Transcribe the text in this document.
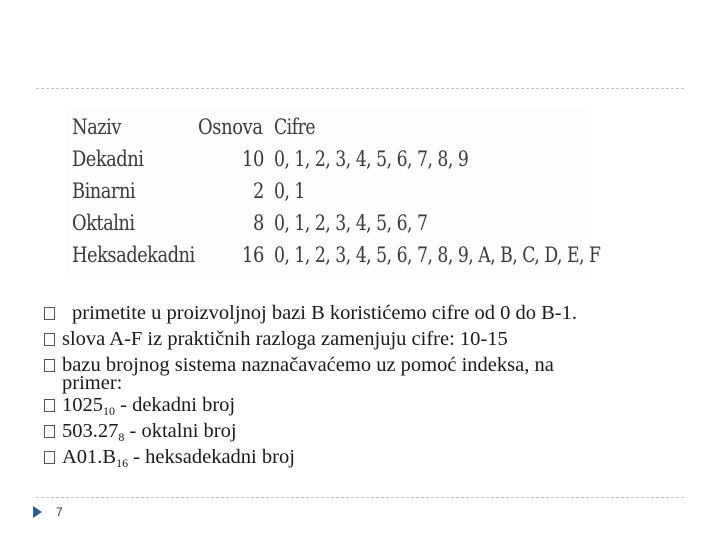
Naziv	Osnova Cifre
Dekadni	10 0, 1, 2, 3, 4, 5, 6, 7, 8, 9
Binarni	2 0, 1
Oktalni	8 0, 1, 2, 3, 4, 5, 6, 7
Heksadekadni	16 0, 1, 2, 3, 4, 5, 6, 7, 8, 9, A, B, C, D, E, F
primetite u proizvoljnoj bazi B koristićemo cifre od 0 do B-1.
slova A-F iz praktičnih razloga zamenjuju cifre: 10-15
bazu brojnog sistema naznačavaćemo uz pomoć indeksa, na
primer:
$1025_{10}$ - dekadni broj
$503.27_8$ - oktalni broj
$A01.B_{16}$ - heksadekadni broj
7
